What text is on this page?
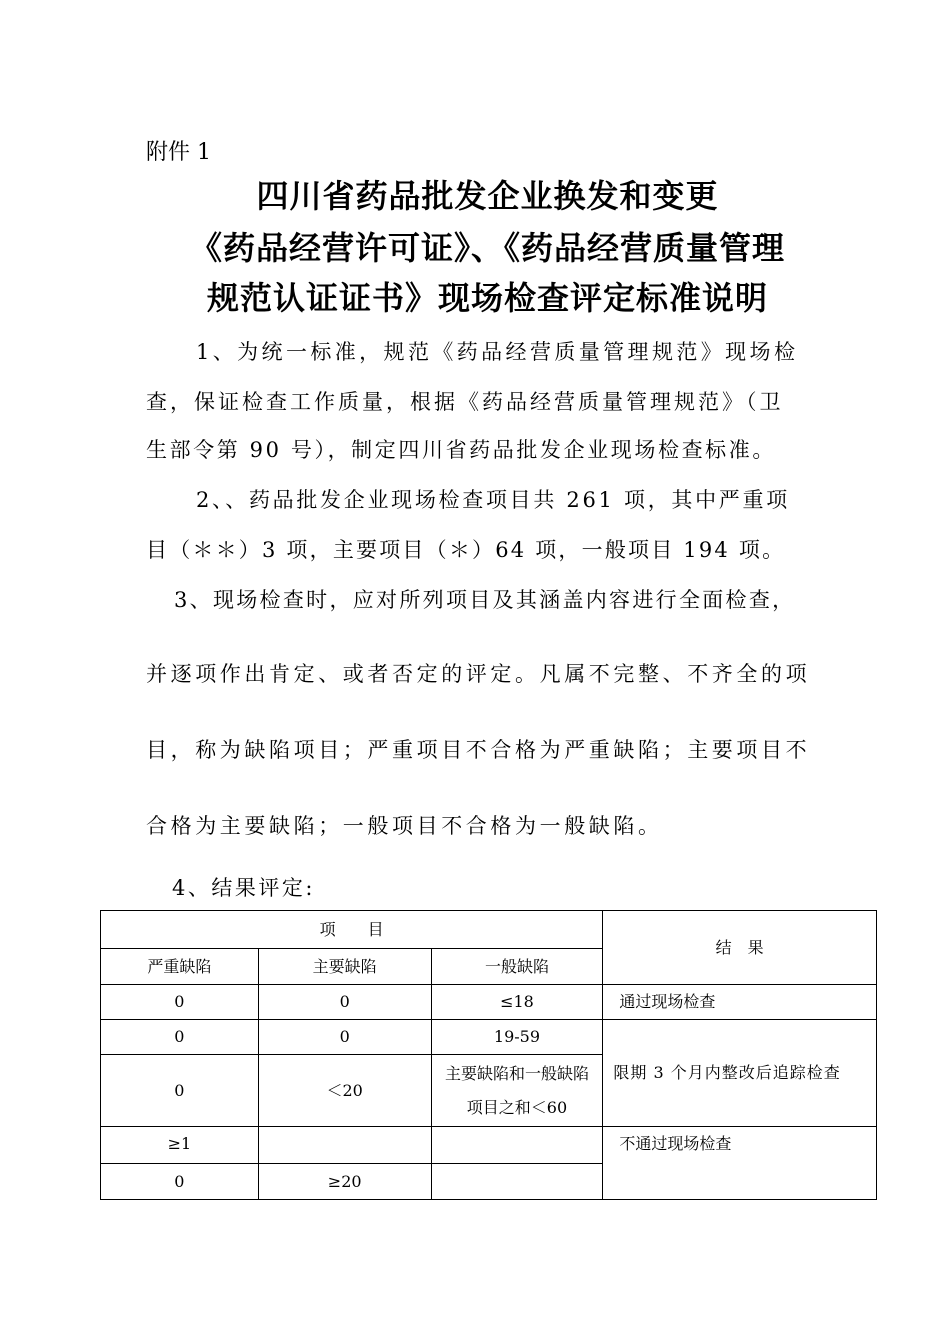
附件 1
四川省药品批发企业换发和变更
《药品经营许可证》、《药品经营质量管理
规范认证证书》现场检查评定标准说明
1、为统一标准，规范《药品经营质量管理规范》现场检
查，保证检查工作质量，根据《药品经营质量管理规范》（卫
生部令第 90 号），制定四川省药品批发企业现场检查标准。
2、、药品批发企业现场检查项目共 261 项，其中严重项
目（＊＊）3 项，主要项目（＊）64 项，一般项目 194 项。
3、现场检查时，应对所列项目及其涵盖内容进行全面检查，
并逐项作出肯定、或者否定的评定。凡属不完整、不齐全的项
目，称为缺陷项目；严重项目不合格为严重缺陷；主要项目不
合格为主要缺陷；一般项目不合格为一般缺陷。
4、结果评定:
项　　目			结　果
严重缺陷	主要缺陷	一般缺陷	
0	0	≤18	通过现场检查
0	0	19-59	限期 3 个月内整改后追踪检查
0	＜20	主要缺陷和一般缺陷项目之和＜60	
≥1			不通过现场检查
0	≥20		
